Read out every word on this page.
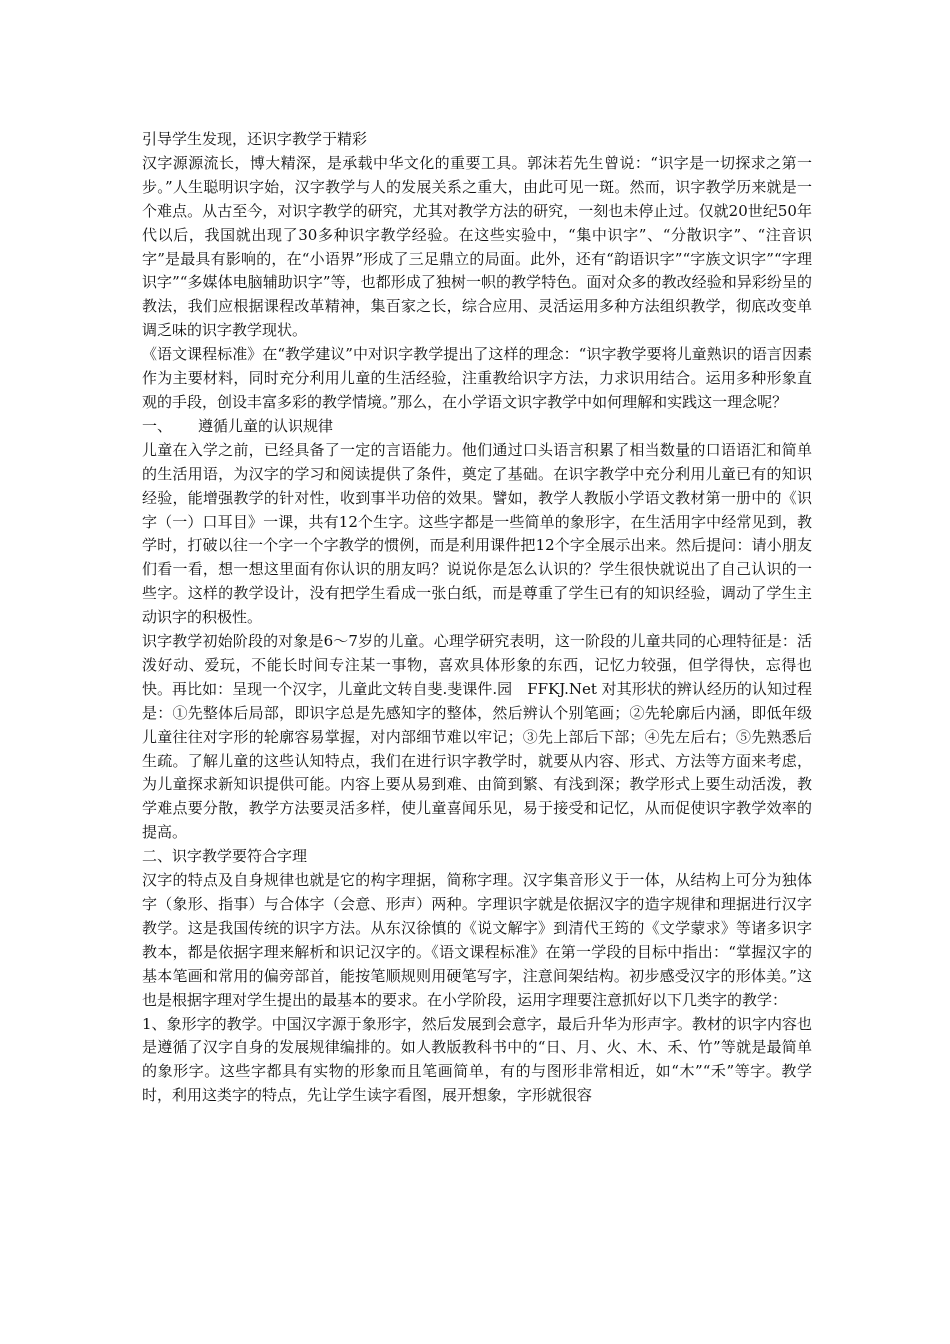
引导学生发现，还识字教学于精彩

汉字源源流长，博大精深，是承载中华文化的重要工具。郭沫若先生曾说：“识字是一切探求之第一步。”人生聪明识字始，汉字教学与人的发展关系之重大，由此可见一斑。然而，识字教学历来就是一个难点。从古至今，对识字教学的研究，尤其对教学方法的研究，一刻也未停止过。仅就20世纪50年代以后，我国就出现了30多种识字教学经验。在这些实验中，“集中识字”、“分散识字”、“注音识字”是最具有影响的，在“小语界”形成了三足鼎立的局面。此外，还有“韵语识字”“字族文识字”“字理识字”“多媒体电脑辅助识字”等，也都形成了独树一帜的教学特色。面对众多的教改经验和异彩纷呈的教法，我们应根据课程改革精神，集百家之长，综合应用、灵活运用多种方法组织教学，彻底改变单调乏味的识字教学现状。

《语文课程标准》在“教学建议”中对识字教学提出了这样的理念：“识字教学要将儿童熟识的语言因素作为主要材料，同时充分利用儿童的生活经验，注重教给识字方法，力求识用结合。运用多种形象直观的手段，创设丰富多彩的教学情境。”那么，在小学语文识字教学中如何理解和实践这一理念呢？

一、	遵循儿童的认识规律

儿童在入学之前，已经具备了一定的言语能力。他们通过口头语言积累了相当数量的口语语汇和简单的生活用语，为汉字的学习和阅读提供了条件，奠定了基础。在识字教学中充分利用儿童已有的知识经验，能增强教学的针对性，收到事半功倍的效果。譬如，教学人教版小学语文教材第一册中的《识字（一）口耳目》一课，共有12个生字。这些字都是一些简单的象形字，在生活用字中经常见到，教学时，打破以往一个字一个字教学的惯例，而是利用课件把12个字全展示出来。然后提问：请小朋友们看一看，想一想这里面有你认识的朋友吗？说说你是怎么认识的？学生很快就说出了自己认识的一些字。这样的教学设计，没有把学生看成一张白纸，而是尊重了学生已有的知识经验，调动了学生主动识字的积极性。

识字教学初始阶段的对象是6～7岁的儿童。心理学研究表明，这一阶段的儿童共同的心理特征是：活泼好动、爱玩，不能长时间专注某一事物，喜欢具体形象的东西，记忆力较强，但学得快，忘得也快。再比如：呈现一个汉字，儿童此文转自斐.斐课件.园　FFKJ.Net 对其形状的辨认经历的认知过程是：①先整体后局部，即识字总是先感知字的整体，然后辨认个别笔画；②先轮廓后内涵，即低年级儿童往往对字形的轮廓容易掌握，对内部细节难以牢记；③先上部后下部；④先左后右；⑤先熟悉后生疏。了解儿童的这些认知特点，我们在进行识字教学时，就要从内容、形式、方法等方面来考虑，为儿童探求新知识提供可能。内容上要从易到难、由简到繁、有浅到深；教学形式上要生动活泼，教学难点要分散，教学方法要灵活多样，使儿童喜闻乐见，易于接受和记忆，从而促使识字教学效率的提高。

二、识字教学要符合字理

汉字的特点及自身规律也就是它的构字理据，简称字理。汉字集音形义于一体，从结构上可分为独体字（象形、指事）与合体字（会意、形声）两种。字理识字就是依据汉字的造字规律和理据进行汉字教学。这是我国传统的识字方法。从东汉徐慎的《说文解字》到清代王筠的《文学蒙求》等诸多识字教本，都是依据字理来解析和识记汉字的。《语文课程标准》在第一学段的目标中指出：“掌握汉字的基本笔画和常用的偏旁部首，能按笔顺规则用硬笔写字，注意间架结构。初步感受汉字的形体美。”这也是根据字理对学生提出的最基本的要求。在小学阶段，运用字理要注意抓好以下几类字的教学：

1、象形字的教学。中国汉字源于象形字，然后发展到会意字，最后升华为形声字。教材的识字内容也是遵循了汉字自身的发展规律编排的。如人教版教科书中的“日、月、火、木、禾、竹”等就是最简单的象形字。这些字都具有实物的形象而且笔画简单，有的与图形非常相近，如“木”“禾”等字。教学时，利用这类字的特点，先让学生读字看图，展开想象，字形就很容
